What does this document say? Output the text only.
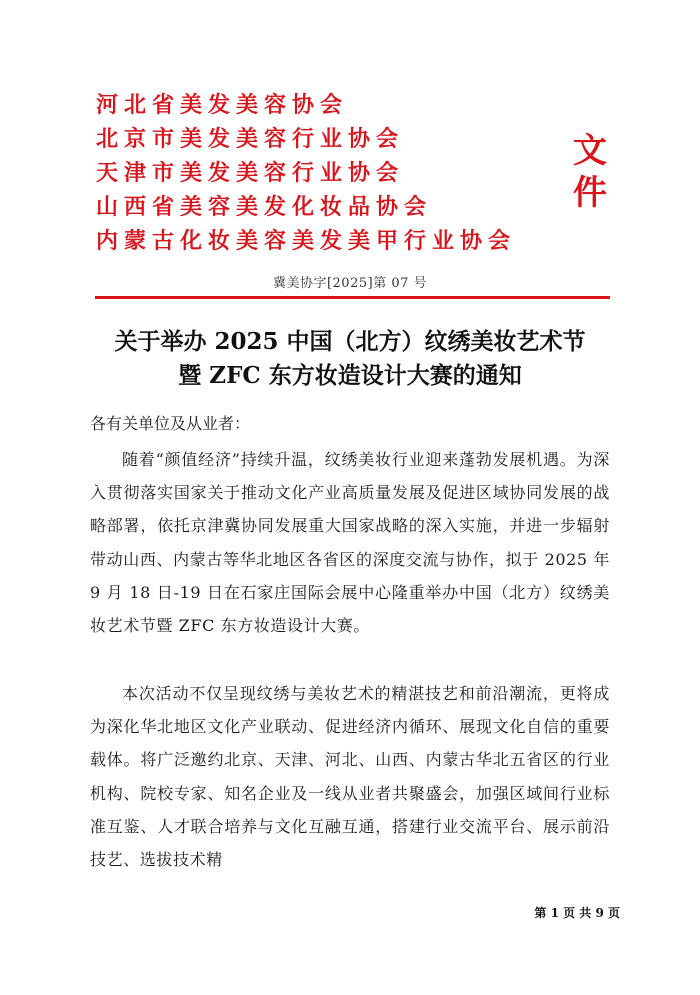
河北省美发美容协会
北京市美发美容行业协会
天津市美发美容行业协会
山西省美容美发化妆品协会
内蒙古化妆美容美发美甲行业协会
文
件
冀美协字[2025]第 07 号
关于举办 2025 中国（北方）纹绣美妆艺术节
暨 ZFC 东方妆造设计大赛的通知
各有关单位及从业者：
随着“颜值经济”持续升温，纹绣美妆行业迎来蓬勃发展机遇。为深入贯彻落实国家关于推动文化产业高质量发展及促进区域协同发展的战略部署，依托京津冀协同发展重大国家战略的深入实施，并进一步辐射带动山西、内蒙古等华北地区各省区的深度交流与协作，拟于 2025 年 9 月 18 日-19 日在石家庄国际会展中心隆重举办中国（北方）纹绣美妆艺术节暨 ZFC 东方妆造设计大赛。
本次活动不仅呈现纹绣与美妆艺术的精湛技艺和前沿潮流，更将成为深化华北地区文化产业联动、促进经济内循环、展现文化自信的重要载体。将广泛邀约北京、天津、河北、山西、内蒙古华北五省区的行业机构、院校专家、知名企业及一线从业者共聚盛会，加强区域间行业标准互鉴、人才联合培养与文化互融互通，搭建行业交流平台、展示前沿技艺、选拔技术精
第 1 页 共 9 页
